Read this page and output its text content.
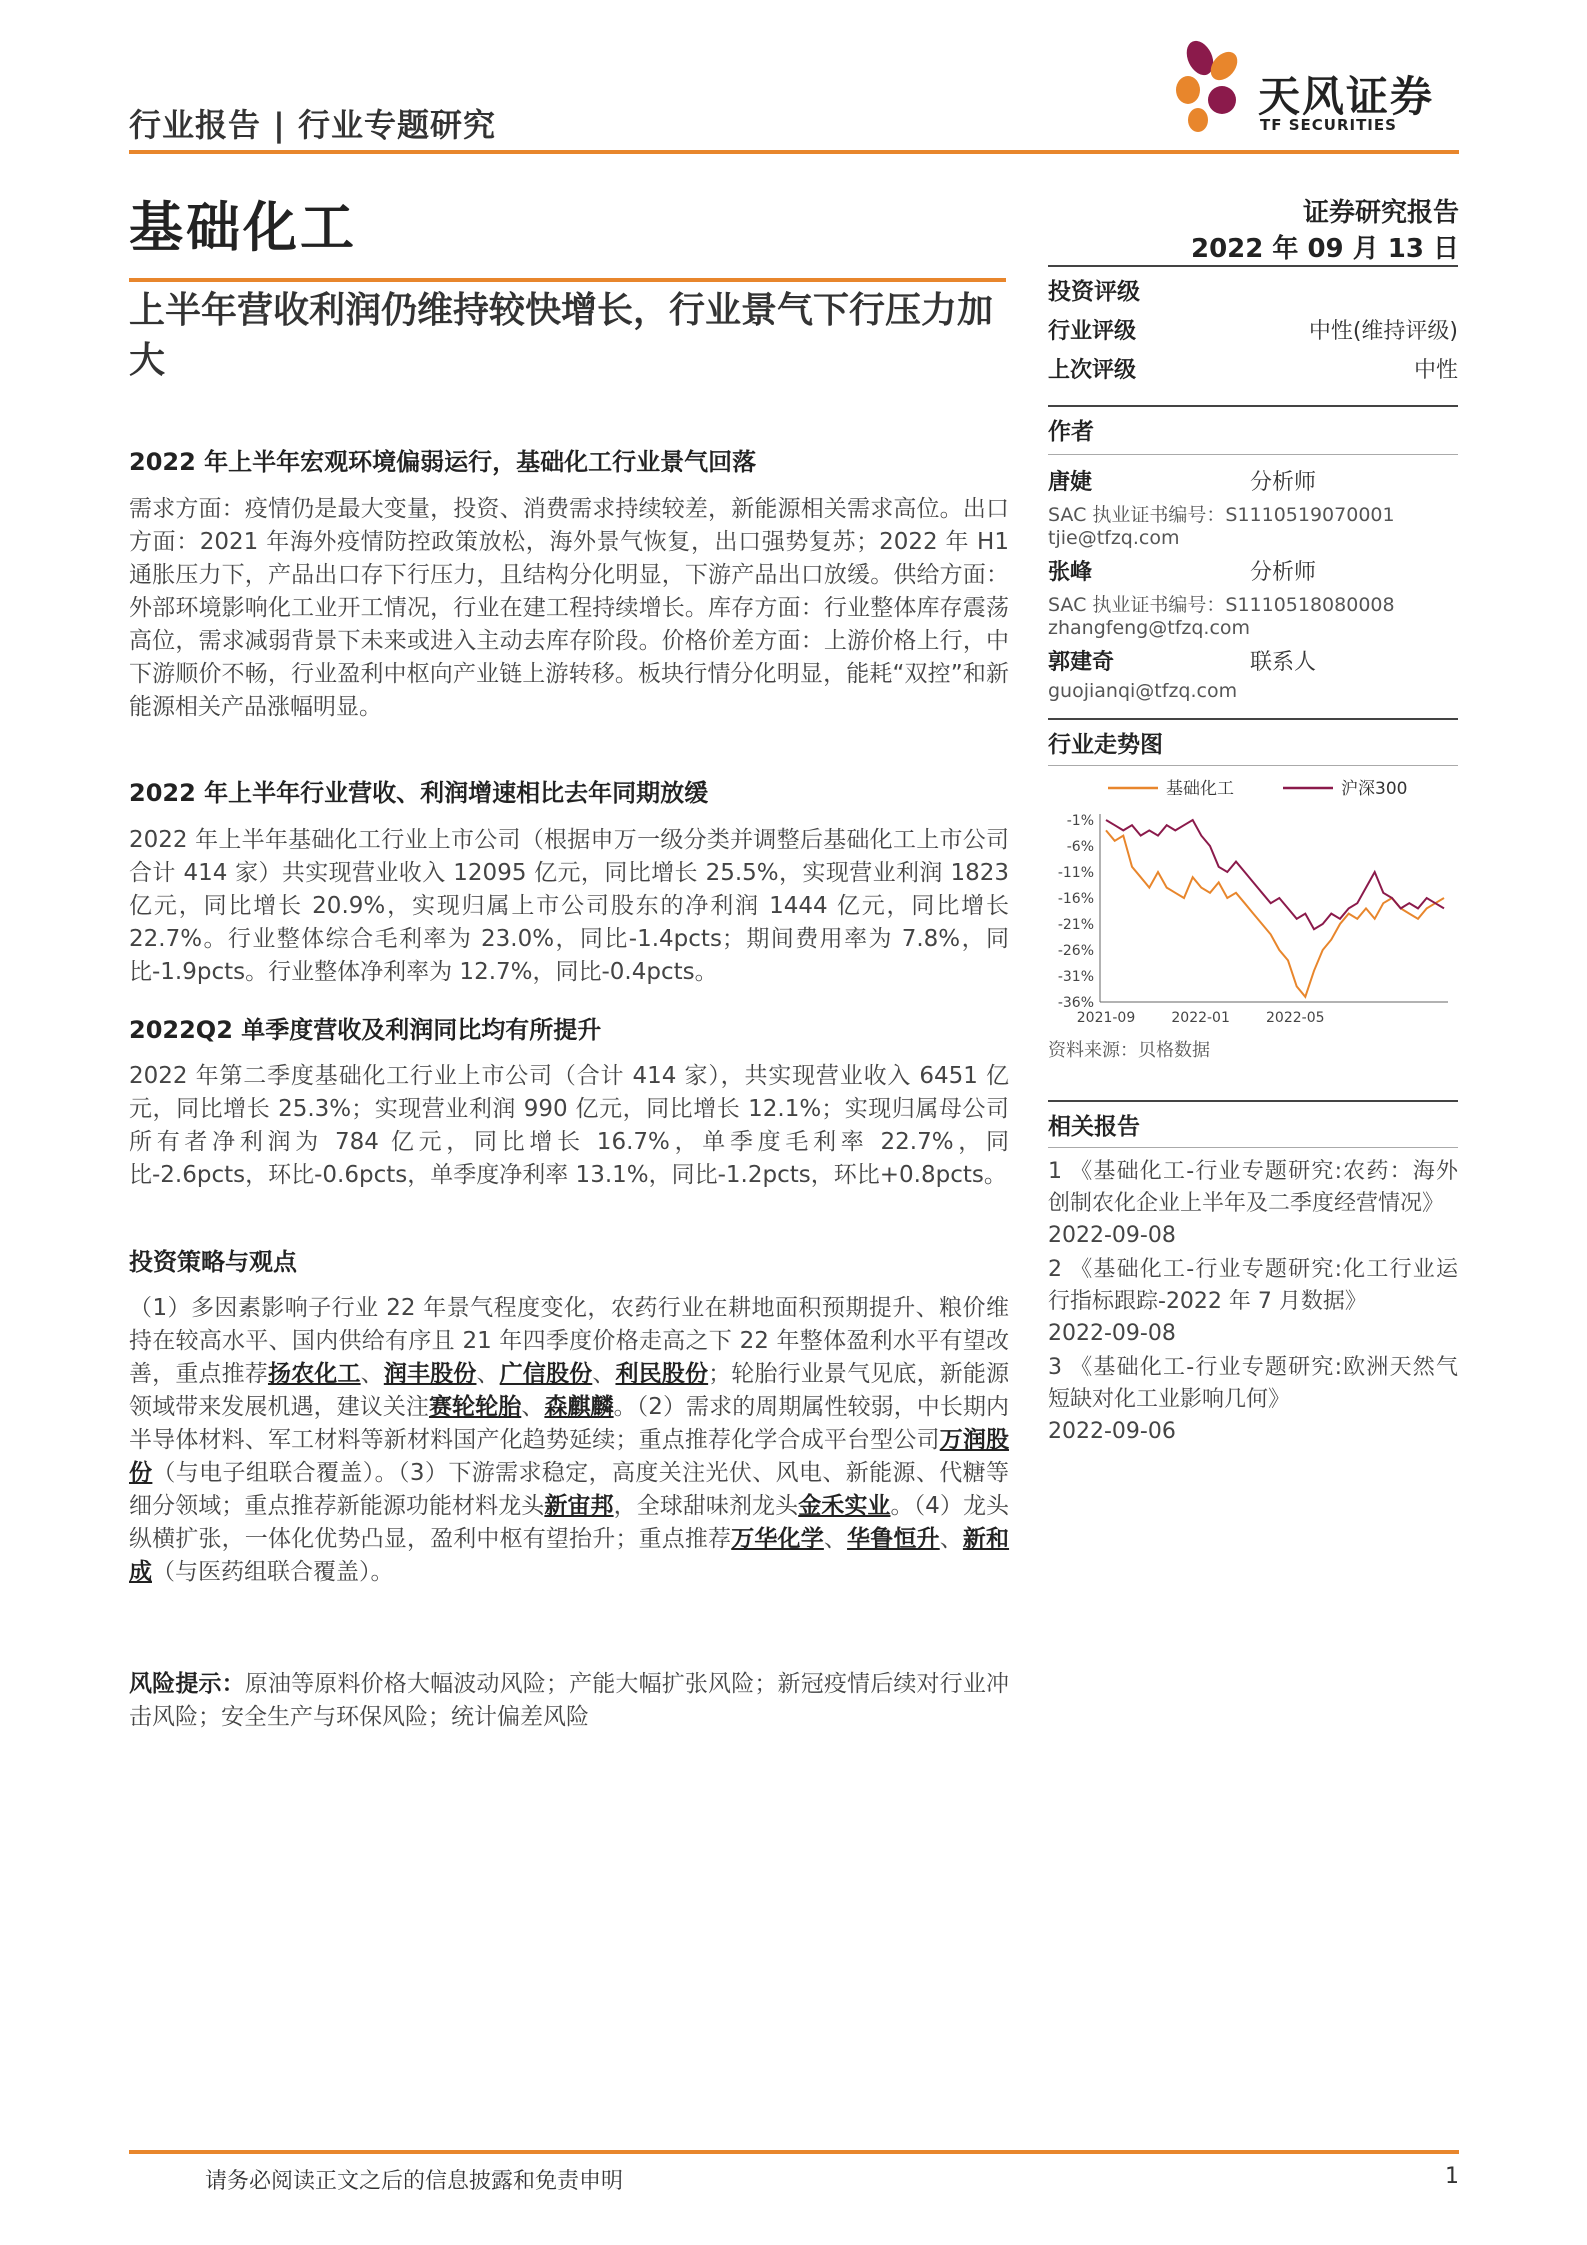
行业报告 | 行业专题研究
天风证券
TF SECURITIES
基础化工	证券研究报告
2022 年 09 月 13 日
上半年营收利润仍维持较快增长，行业景气下行压力加大
2022 年上半年宏观环境偏弱运行，基础化工行业景气回落
需求方面：疫情仍是最大变量，投资、消费需求持续较差，新能源相关需求高位。出口方面：2021 年海外疫情防控政策放松，海外景气恢复，出口强势复苏；2022 年 H1 通胀压力下，产品出口存下行压力，且结构分化明显，下游产品出口放缓。供给方面：外部环境影响化工业开工情况，行业在建工程持续增长。库存方面：行业整体库存震荡高位，需求减弱背景下未来或进入主动去库存阶段。价格价差方面：上游价格上行，中下游顺价不畅，行业盈利中枢向产业链上游转移。板块行情分化明显，能耗“双控”和新能源相关产品涨幅明显。
2022 年上半年行业营收、利润增速相比去年同期放缓
2022 年上半年基础化工行业上市公司（根据申万一级分类并调整后基础化工上市公司合计 414 家）共实现营业收入 12095 亿元，同比增长 25.5%，实现营业利润 1823 亿元，同比增长 20.9%，实现归属上市公司股东的净利润 1444 亿元，同比增长 22.7%。行业整体综合毛利率为 23.0%，同比-1.4pcts；期间费用率为 7.8%，同比-1.9pcts。行业整体净利率为 12.7%，同比-0.4pcts。
2022Q2 单季度营收及利润同比均有所提升
2022 年第二季度基础化工行业上市公司（合计 414 家），共实现营业收入 6451 亿元，同比增长 25.3%；实现营业利润 990 亿元，同比增长 12.1%；实现归属母公司所有者净利润为 784 亿元，同比增长 16.7%，单季度毛利率 22.7%，同比-2.6pcts，环比-0.6pcts，单季度净利率 13.1%，同比-1.2pcts，环比+0.8pcts。
投资策略与观点
（1）多因素影响子行业 22 年景气程度变化，农药行业在耕地面积预期提升、粮价维持在较高水平、国内供给有序且 21 年四季度价格走高之下 22 年整体盈利水平有望改善，重点推荐扬农化工、润丰股份、广信股份、利民股份；轮胎行业景气见底，新能源领域带来发展机遇，建议关注赛轮轮胎、森麒麟。（2）需求的周期属性较弱，中长期内半导体材料、军工材料等新材料国产化趋势延续；重点推荐化学合成平台型公司万润股份（与电子组联合覆盖）。（3）下游需求稳定，高度关注光伏、风电、新能源、代糖等细分领域；重点推荐新能源功能材料龙头新宙邦，全球甜味剂龙头金禾实业。（4）龙头纵横扩张，一体化优势凸显，盈利中枢有望抬升；重点推荐万华化学、华鲁恒升、新和成（与医药组联合覆盖）。
风险提示：原油等原料价格大幅波动风险；产能大幅扩张风险；新冠疫情后续对行业冲击风险；安全生产与环保风险；统计偏差风险
投资评级
行业评级	中性(维持评级)
上次评级	中性
作者
唐婕	分析师
SAC 执业证书编号：S1110519070001
tjie@tfzq.com
张峰	分析师
SAC 执业证书编号：S1110518080008
zhangfeng@tfzq.com
郭建奇	联系人
guojianqi@tfzq.com
行业走势图
基础化工	沪深300
-1%
-6%
-11%
-16%
-21%
-26%
-31%
-36%
2021-09	2022-01	2022-05
资料来源：贝格数据
相关报告
1 《基础化工-行业专题研究:农药：海外创制农化企业上半年及二季度经营情况》
2022-09-08
2 《基础化工-行业专题研究:化工行业运行指标跟踪-2022 年 7 月数据》
2022-09-08
3 《基础化工-行业专题研究:欧洲天然气短缺对化工业影响几何》
2022-09-06
请务必阅读正文之后的信息披露和免责申明	1
